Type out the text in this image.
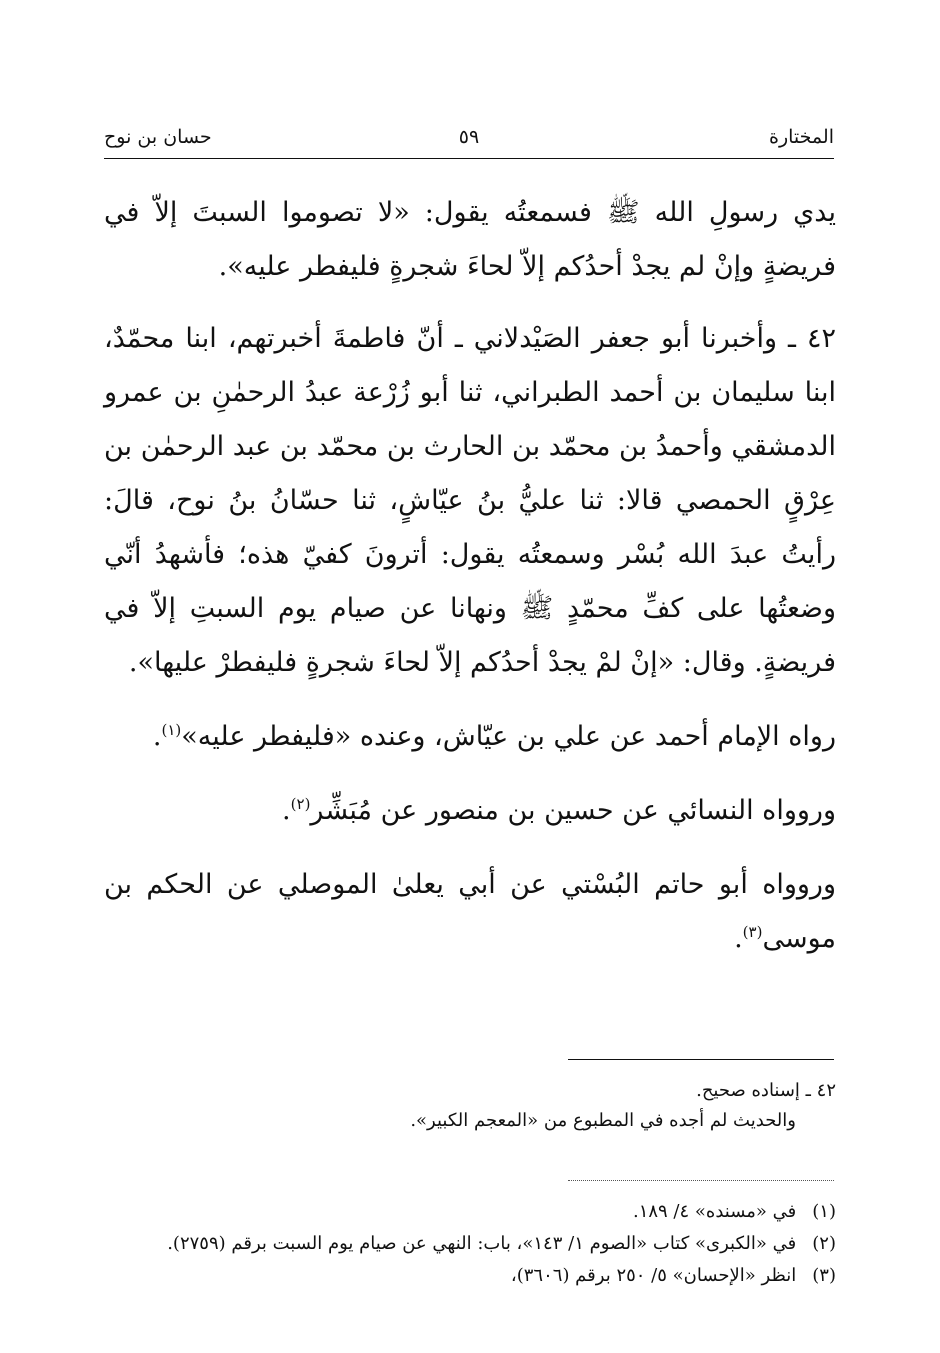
المختارة
٥٩
حسان بن نوح

يدي رسولِ الله ﷺ فسمعتُه يقول: «لا تصوموا السبتَ إلاّ في فريضةٍ وإنْ لم يجدْ أحدُكم إلاّ لحاءَ شجرةٍ فليفطر عليه».

٤٢ ـ وأخبرنا أبو جعفر الصَيْدلاني ـ أنّ فاطمةَ أخبرتهم، ابنا محمّدٌ، ابنا سليمان بن أحمد الطبراني، ثنا أبو زُرْعة عبدُ الرحمٰنِ بن عمرو الدمشقي وأحمدُ بن محمّد بن الحارث بن محمّد بن عبد الرحمٰن بن عِرْقٍ الحمصي قالا: ثنا عليُّ بنُ عيّاشٍ، ثنا حسّانُ بنُ نوح، قالَ: رأيتُ عبدَ الله بُسْر وسمعتُه يقول: أترونَ كفيّ هذه؛ فأشهدُ أنّي وضعتُها على كفِّ محمّدٍ ﷺ ونهانا عن صيام يوم السبتِ إلاّ في فريضةٍ. وقال: «إنْ لمْ يجدْ أحدُكم إلاّ لحاءَ شجرةٍ فليفطرْ عليها».

رواه الإمام أحمد عن علي بن عيّاش، وعنده «فليفطر عليه»$^{(١)}$.

وروواه النسائي عن حسين بن منصور عن مُبَشِّر$^{(٢)}$.

وروواه أبو حاتم البُسْتي عن أبي يعلىٰ الموصلي عن الحكم بن موسى$^{(٣)}$.

٤٢ ـ إسناده صحيح.

والحديث لم أجده في المطبوع من «المعجم الكبير».

(١) في «مسنده» ٤/ ١٨٩.

(٢) في «الكبرى» كتاب «الصوم ١/ ١٤٣»، باب: النهي عن صيام يوم السبت برقم (٢٧٥٩).

(٣) انظر «الإحسان» ٥/ ٢٥٠ برقم (٣٦٠٦)،
